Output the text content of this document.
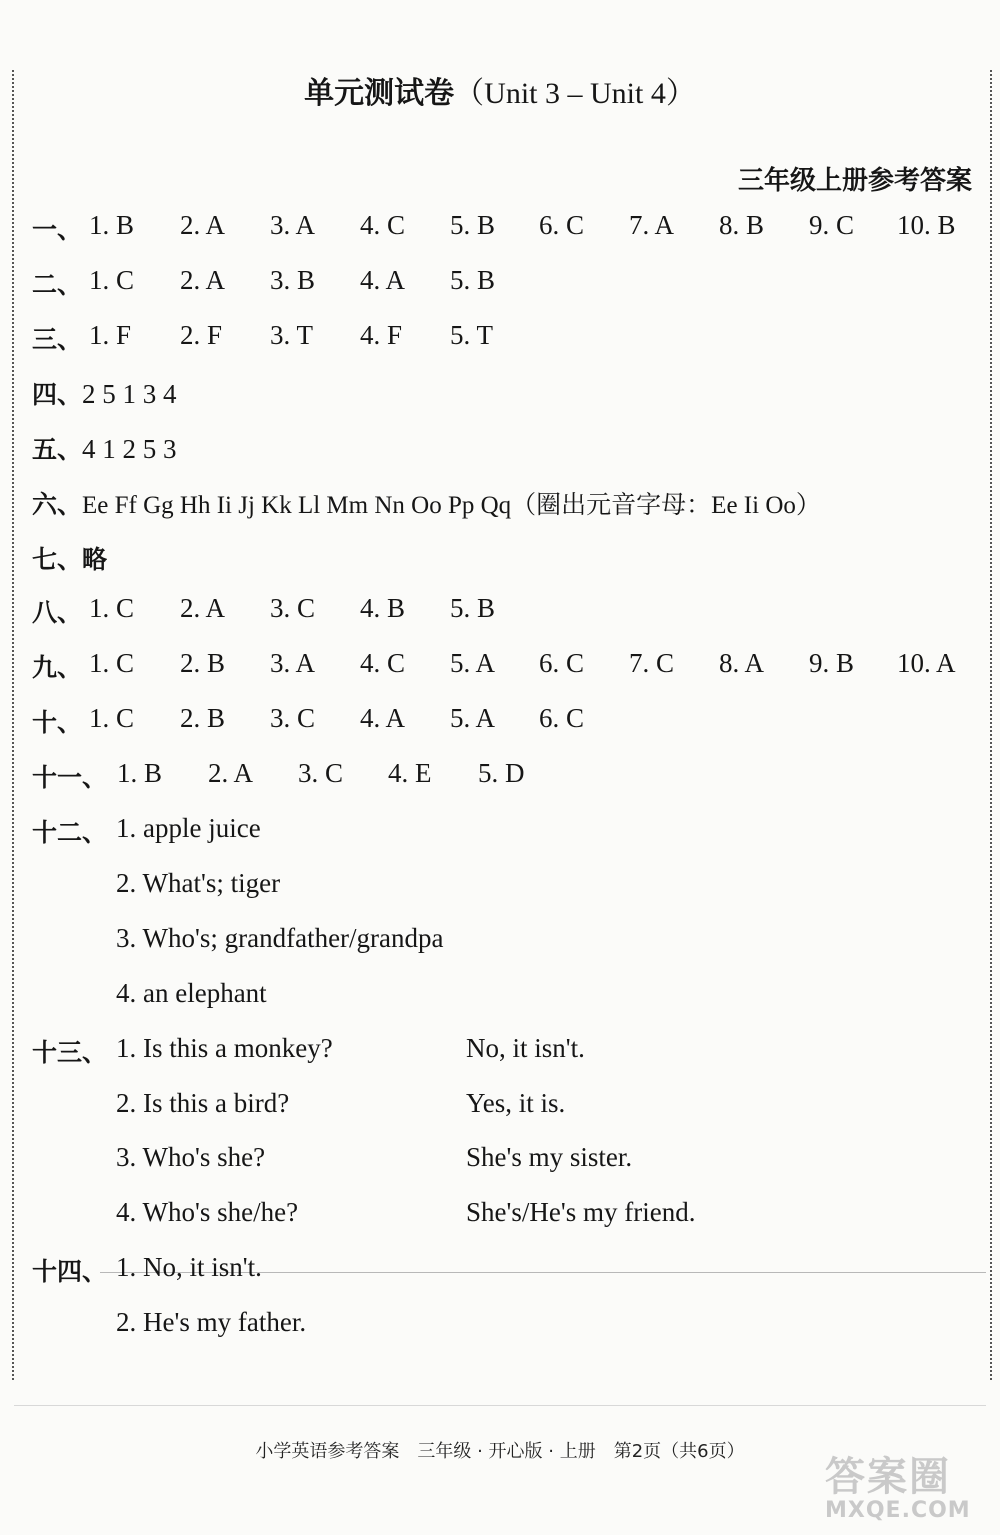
单元测试卷（Unit 3 – Unit 4）
三年级上册参考答案
一、 1. B 2. A 3. A 4. C 5. B 6. C 7. A 8. B 9. C 10. B
二、 1. C 2. A 3. B 4. A 5. B
三、 1. F 2. F 3. T 4. F 5. T
四、2 5 1 3 4
五、4 1 2 5 3
六、Ee Ff Gg Hh Ii Jj Kk Ll Mm Nn Oo Pp Qq（圈出元音字母：Ee Ii Oo）
七、略
八、 1. C 2. A 3. C 4. B 5. B
九、 1. C 2. B 3. A 4. C 5. A 6. C 7. C 8. A 9. B 10. A
十、 1. C 2. B 3. C 4. A 5. A 6. C
十一、 1. B 2. A 3. C 4. E 5. D
十二、 1. apple juice
2. What's; tiger
3. Who's; grandfather/grandpa
4. an elephant
十三、 1. Is this a monkey?	No, it isn't.
2. Is this a bird?	Yes, it is.
3. Who's she?	She's my sister.
4. Who's she/he?	She's/He's my friend.
十四、 1. No, it isn't.
2. He's my father.
小学英语参考答案　三年级 · 开心版 · 上册　第2页（共6页）
答案圈
MXQE.COM
